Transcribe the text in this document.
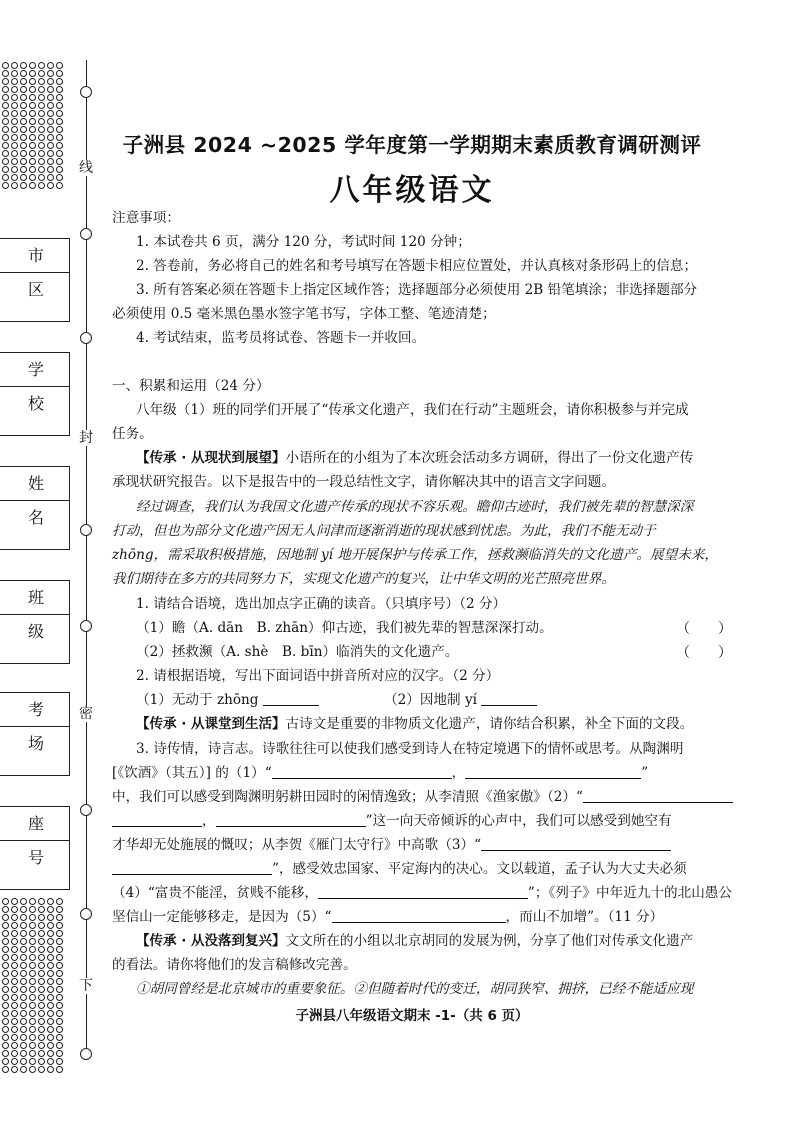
线
封
密
下
市区
学校
姓名
班级
考场
座号
子洲县 2024 ~2025 学年度第一学期期末素质教育调研测评
八年级语文
注意事项：
1. 本试卷共 6 页，满分 120 分，考试时间 120 分钟；
2. 答卷前，务必将自己的姓名和考号填写在答题卡相应位置处，并认真核对条形码上的信息；
3. 所有答案必须在答题卡上指定区域作答；选择题部分必须使用 2B 铅笔填涂；非选择题部分
必须使用 0.5 毫米黑色墨水签字笔书写，字体工整、笔迹清楚；
4. 考试结束，监考员将试卷、答题卡一并收回。
一、积累和运用（24 分）
八年级（1）班的同学们开展了“传承文化遗产，我们在行动”主题班会，请你积极参与并完成
任务。
【传承 · 从现状到展望】小语所在的小组为了本次班会活动多方调研，得出了一份文化遗产传
承现状研究报告。以下是报告中的一段总结性文字，请你解决其中的语言文字问题。
经过调查，我们认为我国文化遗产传承的现状不容乐观。瞻仰古迹时，我们被先辈的智慧深深
打动，但也为部分文化遗产因无人问津而逐渐消逝的现状感到忧虑。为此，我们不能无动于
zhōng，需采取积极措施，因地制 yí 地开展保护与传承工作，拯救濒临消失的文化遗产。展望未来，
我们期待在多方的共同努力下，实现文化遗产的复兴，让中华文明的光芒照亮世界。
1. 请结合语境，选出加点字正确的读音。（只填序号）（2 分）
（1）瞻（A. dān　B. zhān）仰古迹，我们被先辈的智慧深深打动。	（　　）
（2）拯救濒（A. shè　B. bīn）临消失的文化遗产。	（　　）
2. 请根据语境，写出下面词语中拼音所对应的汉字。（2 分）
（1）无动于 zhōng	（2）因地制 yí
【传承 · 从课堂到生活】古诗文是重要的非物质文化遗产，请你结合积累，补全下面的文段。
3. 诗传情，诗言志。诗歌往往可以使我们感受到诗人在特定境遇下的情怀或思考。从陶渊明
[《饮酒》（其五）] 的（1）“	，	”
中，我们可以感受到陶渊明躬耕田园时的闲情逸致；从李清照《渔家傲》（2）“
，	”这一向天帝倾诉的心声中，我们可以感受到她空有
才华却无处施展的慨叹；从李贺《雁门太守行》中高歌（3）“
”，感受效忠国家、平定海内的决心。文以载道，孟子认为大丈夫必须
（4）“富贵不能淫，贫贱不能移，	”；《列子》中年近九十的北山愚公
坚信山一定能够移走，是因为（5）“	，而山不加增”。（11 分）
【传承 · 从没落到复兴】文文所在的小组以北京胡同的发展为例，分享了他们对传承文化遗产
的看法。请你将他们的发言稿修改完善。
①胡同曾经是北京城市的重要象征。②但随着时代的变迁，胡同狭窄、拥挤，已经不能适应现
子洲县八年级语文期末 -1-（共 6 页）
